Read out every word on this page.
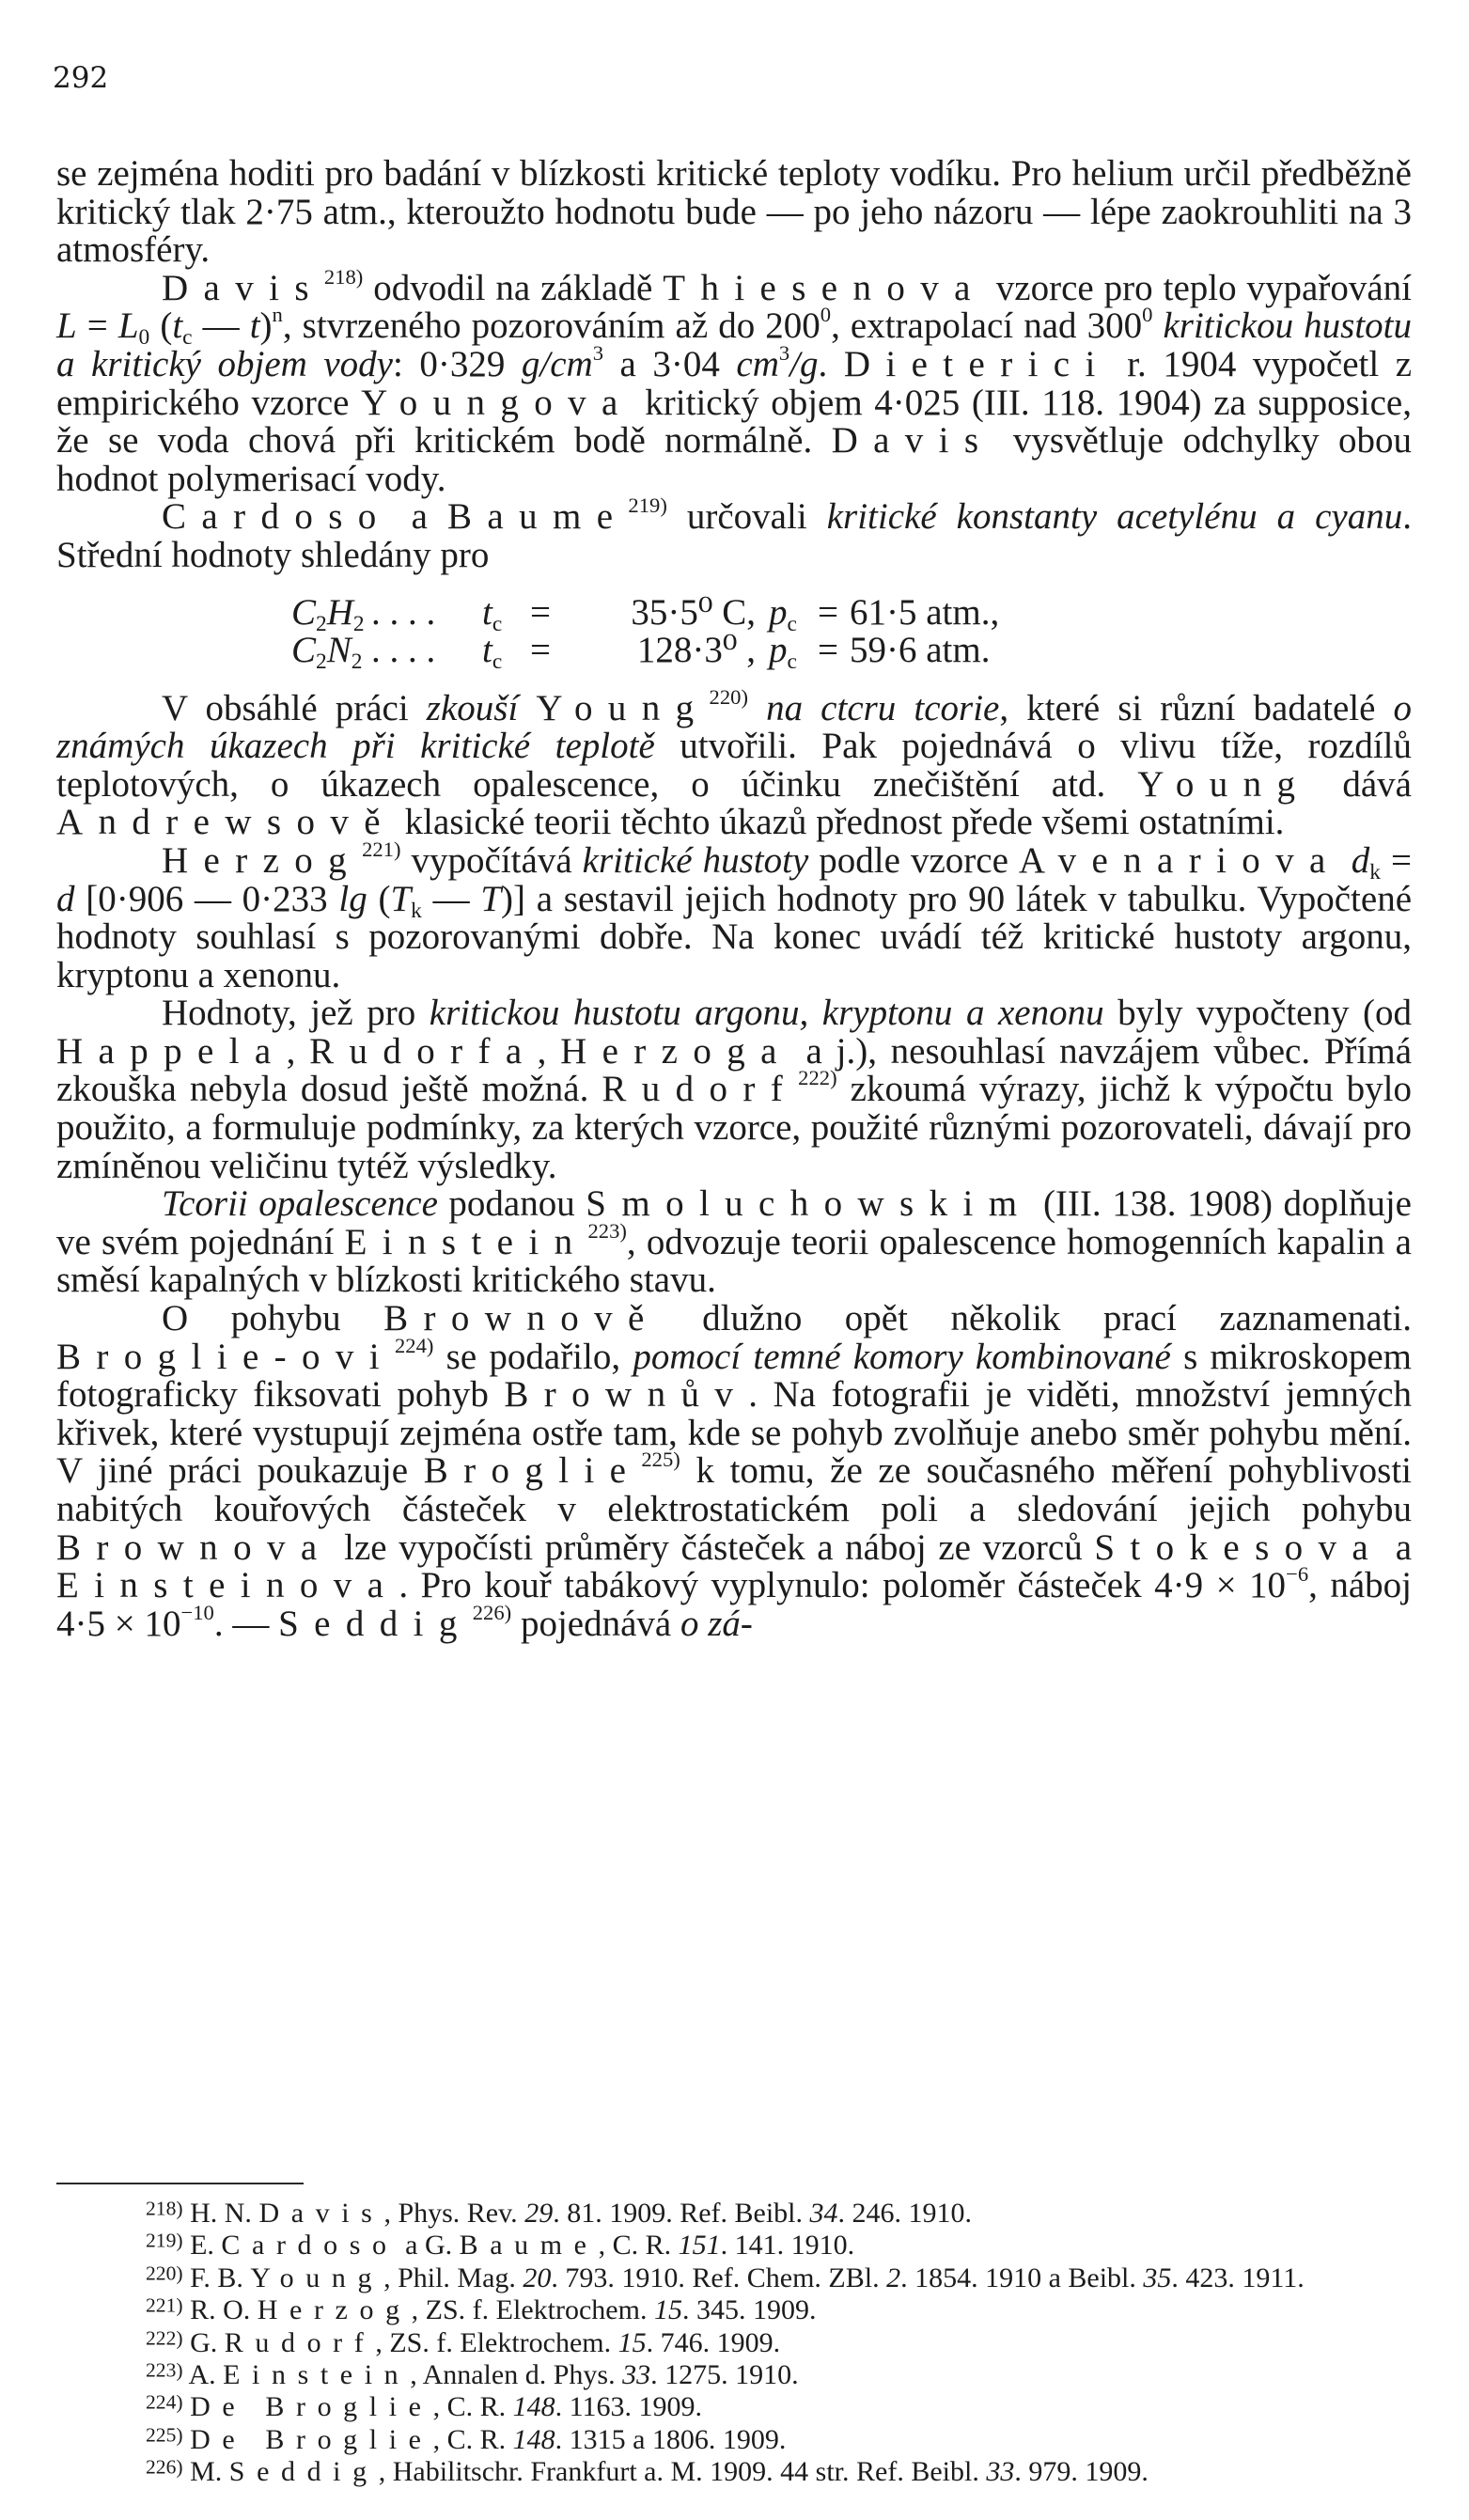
292

se zejména hoditi pro badání v blízkosti kritické teploty vodíku. Pro helium určil předběžně kritický tlak 2·75 atm., kteroužto hodnotu bude — po jeho názoru — lépe zaokrouhliti na 3 atmosféry.

Davis$^{218)}$ odvodil na základě Thiesenova vzorce pro teplo vypařování $L = L_0$ ($t_c$ — t)$^n$, stvrzeného pozorováním až do $200^0$, extrapolací nad $300^0$ kritickou hustotu a kritický objem vody: 0·329 $g/cm^3$ a 3·04 $cm^3/g$. Dieterici r. 1904 vypočetl z empirického vzorce Youngova kritický objem 4·025 (III. 118. 1904) za supposice, že se voda chová při kritickém bodě normálně. Davis vysvětluje odchylky obou hodnot polymerisací vody.

Cardoso a Baume$^{219)}$ určovali kritické konstanty acetylénu a cyanu. Střední hodnoty shledány pro

$C_2H_2$ . . . . $t_c = 35\cdot 5^0$ C, $p_c = 61\cdot 5$ atm.,
$C_2N_2$ . . . . $t_c = 128\cdot 3^0$ , $p_c = 59\cdot 6$ atm.

V obsáhlé práci zkouší Young$^{220)}$ na ctcru tcorie, které si různí badatelé o známých úkazech při kritické teplotě utvořili. Pak pojednává o vlivu tíže, rozdílů teplotových, o úkazech opalescence, o účinku znečištění atd. Young dává Andrewsově klasické teorii těchto úkazů přednost přede všemi ostatními.

Herzog$^{221)}$ vypočítává kritické hustoty podle vzorce Avenariova $d_k = d$ [0·906 — 0·233 $\lg (T_k$ — T)] a sestavil jejich hodnoty pro 90 látek v tabulku. Vypočtené hodnoty souhlasí s pozorovanými dobře. Na konec uvádí též kritické hustoty argonu, kryptonu a xenonu.

Hodnoty, jež pro kritickou hustotu argonu, kryptonu a xenonu byly vypočteny (od Happela, Rudorfa, Herzoga a j.), nesouhlasí navzájem vůbec. Přímá zkouška nebyla dosud ještě možná. Rudorf$^{222)}$ zkoumá výrazy, jichž k výpočtu bylo použito, a formuluje podmínky, za kterých vzorce, použité různými pozorovateli, dávají pro zmíněnou veličinu tytéž výsledky.

Tcorii opalescence podanou Smoluchowskim (III. 138. 1908) doplňuje ve svém pojednání Einstein$^{223)}$, odvozuje teorii opalescence homogenních kapalin a směsí kapalných v blízkosti kritického stavu.

O pohybu Brownově dlužno opět několik prací zaznamenati. Broglie-ovi$^{224)}$ se podařilo, pomocí temné komory kombinované s mikroskopem fotograficky fiksovati pohyb Brownův. Na fotografii je viděti, množství jemných křivek, které vystupují zejména ostře tam, kde se pohyb zvolňuje anebo směr pohybu mění. V jiné práci poukazuje Broglie$^{225)}$ k tomu, že ze současného měření pohyblivosti nabitých kouřových částeček v elektrostatickém poli a sledování jejich pohybu Brownova lze vypočísti průměry částeček a náboj ze vzorců Stokesova a Einsteinova. Pro kouř tabákový vyplynulo: poloměr částeček $4\cdot 9 \times 10^{-6}$, náboj $4\cdot 5 \times 10^{-10}$. — Seddig$^{226)}$ pojednává o zá-

$^{218)}$ H. N. Davis, Phys. Rev. 29. 81. 1909. Ref. Beibl. 34. 246. 1910.

$^{219)}$ E. Cardoso a G. Baume, C. R. 151. 141. 1910.

$^{220)}$ F. B. Young, Phil. Mag. 20. 793. 1910. Ref. Chem. ZBl. 2. 1854. 1910 a Beibl. 35. 423. 1911.

$^{221)}$ R. O. Herzog, ZS. f. Elektrochem. 15. 345. 1909.

$^{222)}$ G. Rudorf, ZS. f. Elektrochem. 15. 746. 1909.

$^{223)}$ A. Einstein, Annalen d. Phys. 33. 1275. 1910.

$^{224)}$ De Broglie, C. R. 148. 1163. 1909.

$^{225)}$ De Broglie, C. R. 148. 1315 a 1806. 1909.

$^{226)}$ M. Seddig, Habilitschr. Frankfurt a. M. 1909. 44 str. Ref. Beibl. 33. 979. 1909.
